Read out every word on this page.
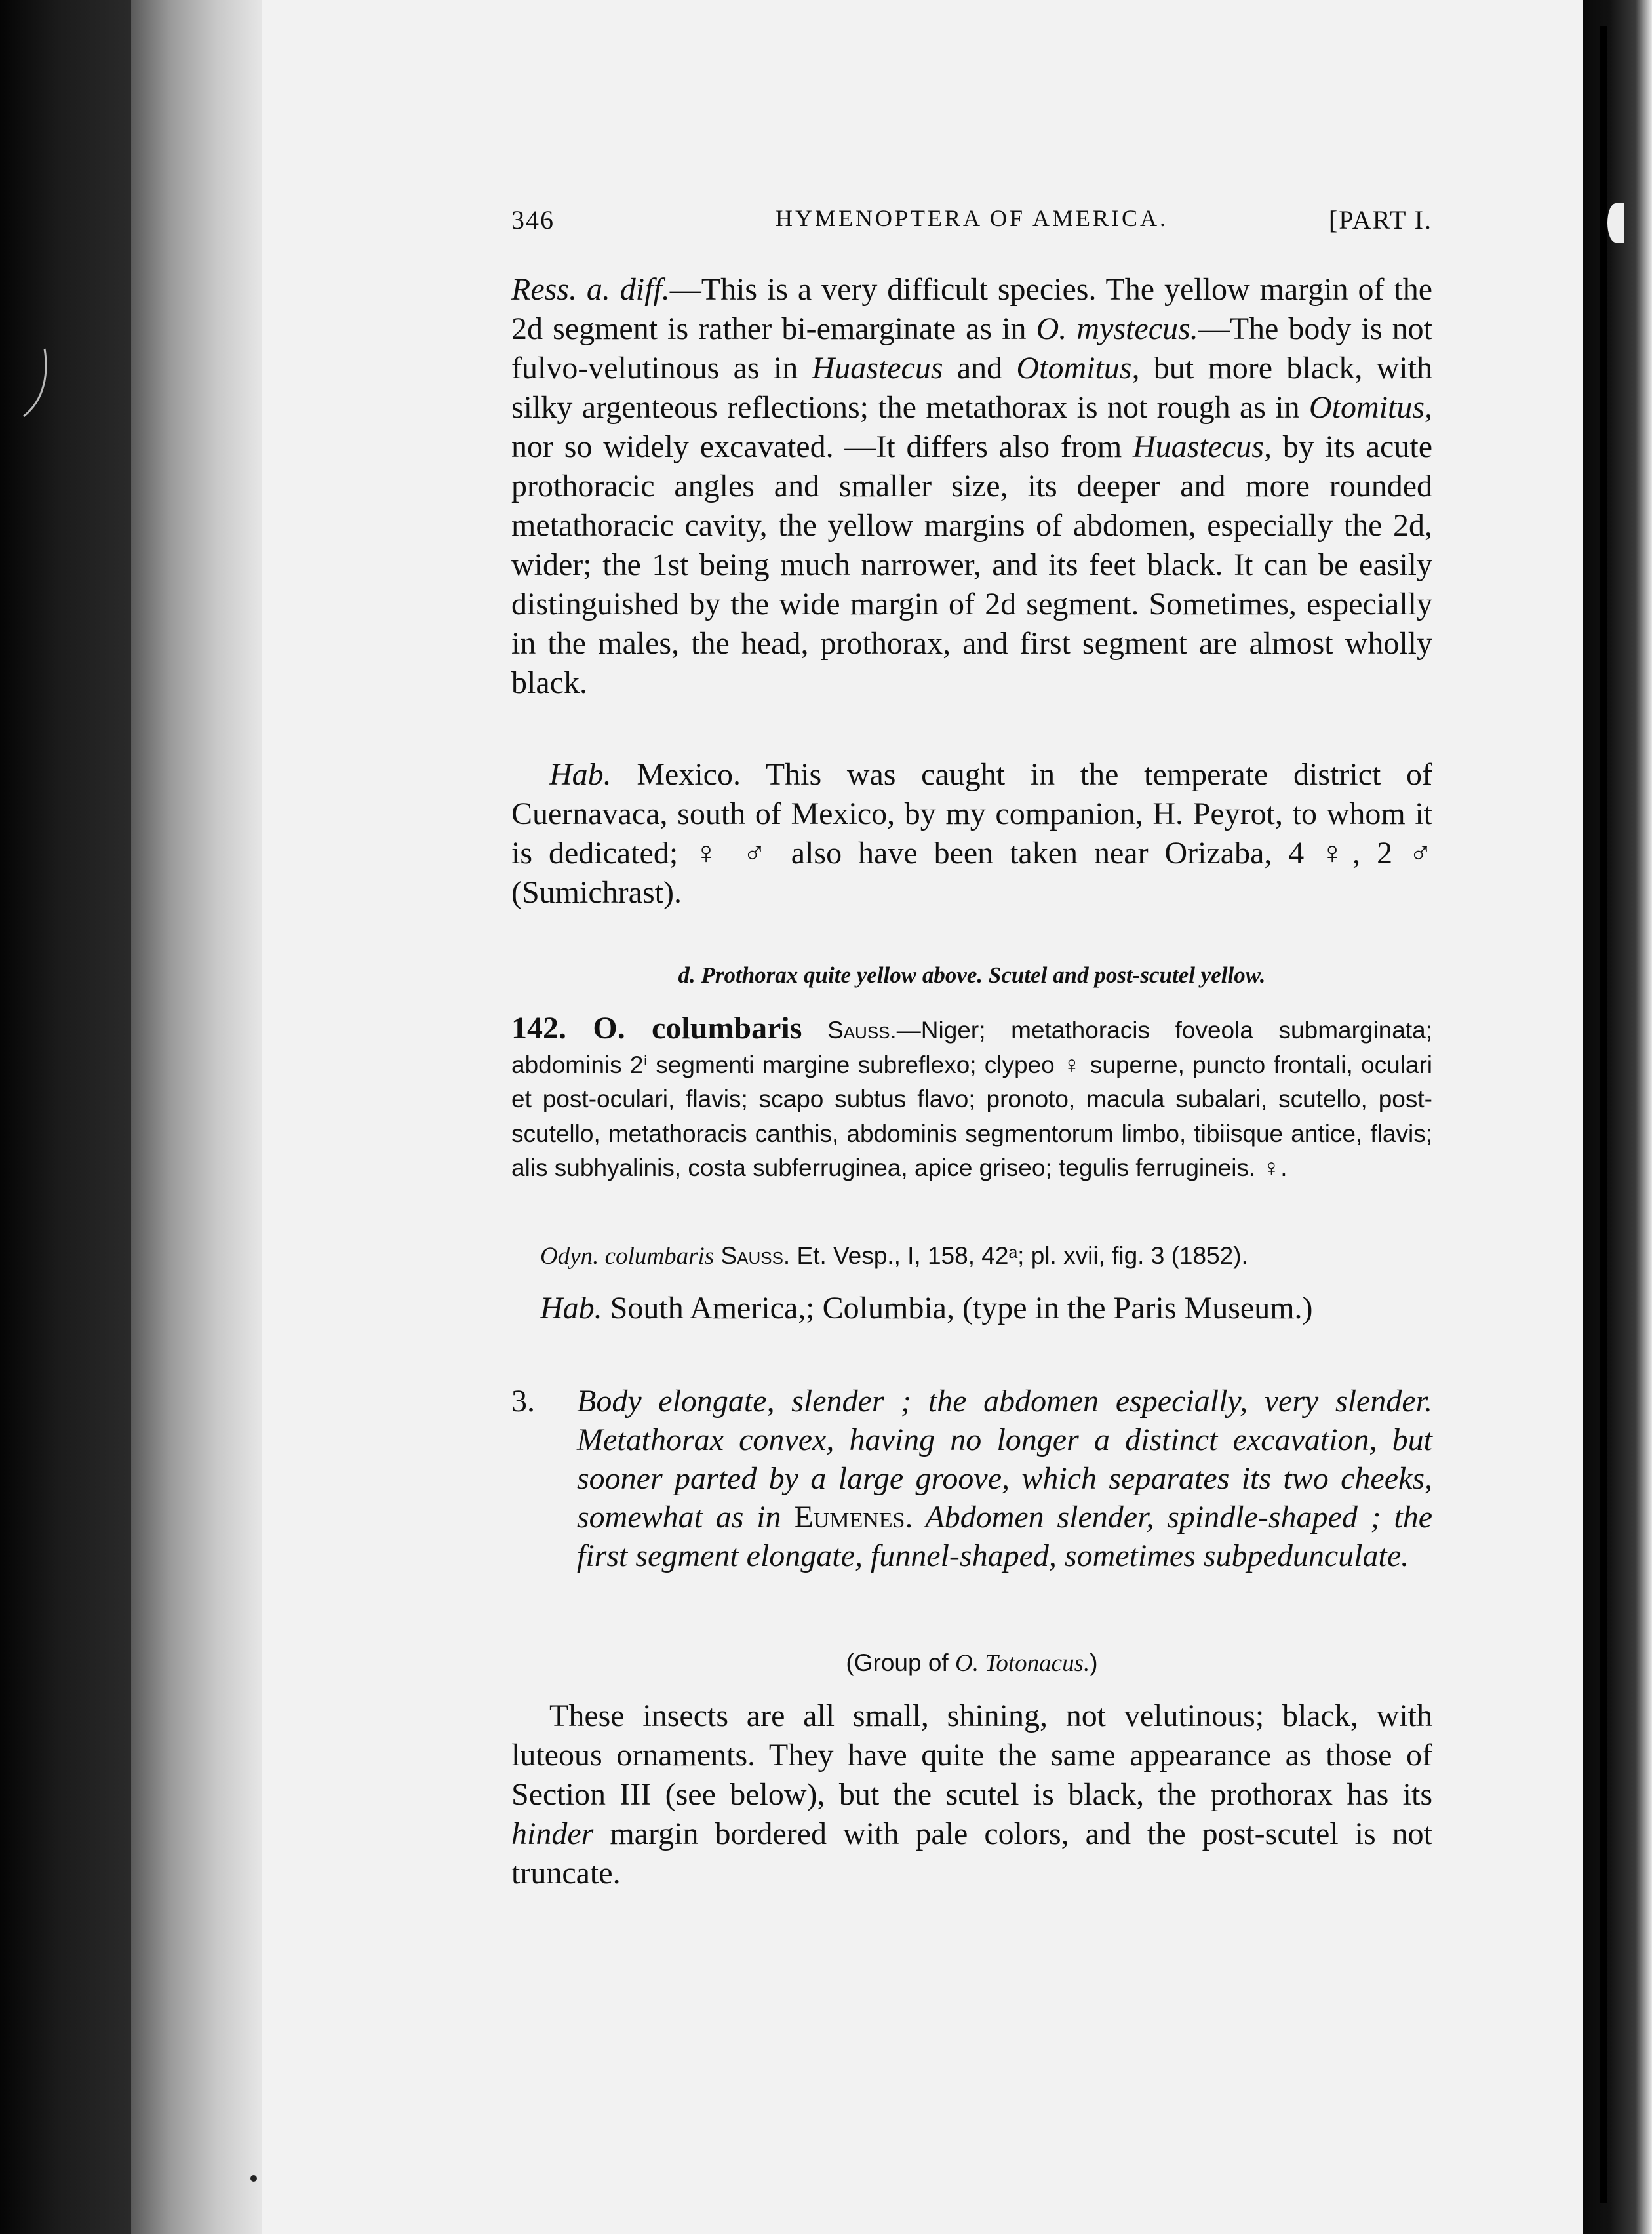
346	HYMENOPTERA OF AMERICA.	[PART I.
Ress. a. diff.—This is a very difficult species. The yellow margin of the 2d segment is rather bi-emarginate as in O. mystecus.—The body is not fulvo-velutinous as in Huastecus and Otomitus, but more black, with silky argenteous reflections; the metathorax is not rough as in Otomitus, nor so widely excavated. —It differs also from Huastecus, by its acute prothoracic angles and smaller size, its deeper and more rounded metathoracic cavity, the yellow margins of abdomen, especially the 2d, wider; the 1st being much narrower, and its feet black. It can be easily distinguished by the wide margin of 2d segment. Sometimes, especially in the males, the head, prothorax, and first segment are almost wholly black.
Hab. Mexico. This was caught in the temperate district of Cuernavaca, south of Mexico, by my companion, H. Peyrot, to whom it is dedicated; ♀ ♂ also have been taken near Orizaba, 4 ♀, 2 ♂ (Sumichrast).
d. Prothorax quite yellow above. Scutel and post-scutel yellow.
142. O. columbaris Sauss.—Niger; metathoracis foveola submarginata; abdominis 2ⁱ segmenti margine subreflexo; clypeo ♀ superne, puncto frontali, oculari et post-oculari, flavis; scapo subtus flavo; pronoto, macula subalari, scutello, post-scutello, metathoracis canthis, abdominis segmentorum limbo, tibiisque antice, flavis; alis subhyalinis, costa subferruginea, apice griseo; tegulis ferrugineis. ♀.
Odyn. columbaris Sauss. Et. Vesp., I, 158, 42ᵃ; pl. xvii, fig. 3 (1852).
Hab. South America,; Columbia, (type in the Paris Museum.)
3. Body elongate, slender ; the abdomen especially, very slender. Metathorax convex, having no longer a distinct excavation, but sooner parted by a large groove, which separates its two cheeks, somewhat as in Eumenes. Abdomen slender, spindle-shaped ; the first segment elongate, funnel-shaped, sometimes subpedunculate.
(Group of O. Totonacus.)
These insects are all small, shining, not velutinous; black, with luteous ornaments. They have quite the same appearance as those of Section III (see below), but the scutel is black, the prothorax has its hinder margin bordered with pale colors, and the post-scutel is not truncate.
